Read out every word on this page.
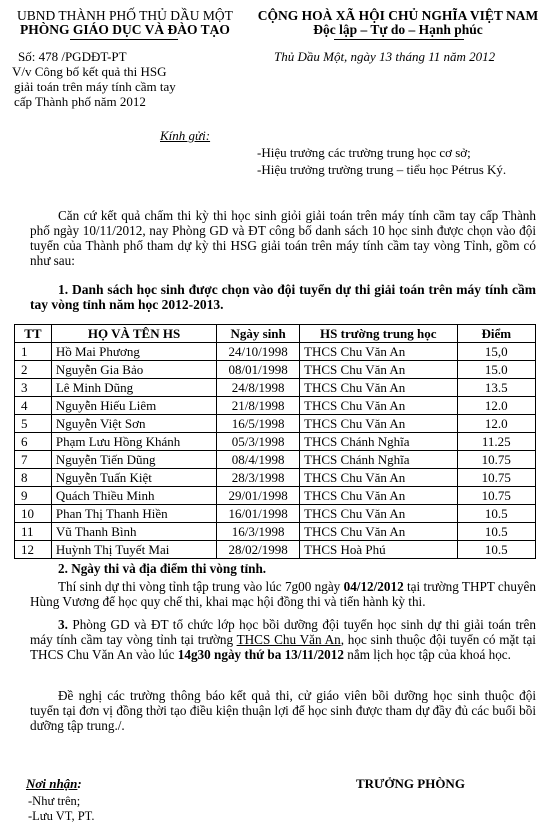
UBND THÀNH PHỐ THỦ DẦU MỘT
PHÒNG GIÁO DỤC VÀ ĐÀO TẠO
Số: 478 /PGDĐT-PT
V/v Công bố kết quả thi HSG
giải toán trên máy tính cầm tay
cấp Thành phố năm 2012
CỘNG HOÀ XÃ HỘI CHỦ NGHĨA VIỆT NAM
Độc lập – Tự do – Hạnh phúc
Thủ Dầu Một, ngày 13 tháng 11 năm 2012
Kính gửi:
-Hiệu trưởng các trường trung học cơ sở;
-Hiệu trưởng trường trung – tiểu học Pétrus Ký.

Căn cứ kết quả chấm thi kỳ thi học sinh giỏi giải toán trên máy tính cầm tay cấp Thành phố ngày 10/11/2012, nay Phòng GD và ĐT công bố danh sách 10 học sinh được chọn vào đội tuyển của Thành phố tham dự kỳ thi HSG giải toán trên máy tính cầm tay vòng Tỉnh, gồm có như sau:

1. Danh sách học sinh được chọn vào đội tuyển dự thi giải toán trên máy tính cầm tay vòng tỉnh năm học 2012-2013.

TT	HỌ VÀ TÊN HS	Ngày sinh	HS trường trung học	Điểm
1	Hồ Mai Phương	24/10/1998	THCS Chu Văn An	15,0
2	Nguyễn Gia Bảo	08/01/1998	THCS Chu Văn An	15.0
3	Lê Minh Dũng	24/8/1998	THCS Chu Văn An	13.5
4	Nguyễn Hiếu Liêm	21/8/1998	THCS Chu Văn An	12.0
5	Nguyễn Việt Sơn	16/5/1998	THCS Chu Văn An	12.0
6	Phạm Lưu Hồng Khánh	05/3/1998	THCS Chánh Nghĩa	11.25
7	Nguyễn Tiến Dũng	08/4/1998	THCS Chánh Nghĩa	10.75
8	Nguyễn Tuấn Kiệt	28/3/1998	THCS Chu Văn An	10.75
9	Quách Thiều Minh	29/01/1998	THCS Chu Văn An	10.75
10	Phan Thị Thanh Hiền	16/01/1998	THCS Chu Văn An	10.5
11	Vũ Thanh Bình	16/3/1998	THCS Chu Văn An	10.5
12	Huỳnh Thị Tuyết Mai	28/02/1998	THCS Hoà Phú	10.5

2. Ngày thi và địa điểm thi vòng tỉnh.

Thí sinh dự thi vòng tỉnh tập trung vào lúc 7g00 ngày 04/12/2012 tại trường THPT chuyên Hùng Vương để học quy chế thi, khai mạc hội đồng thi và tiến hành kỳ thi.

3. Phòng GD và ĐT tổ chức lớp học bồi dưỡng đội tuyển học sinh dự thi giải toán trên máy tính cầm tay vòng tỉnh tại trường THCS Chu Văn An, học sinh thuộc đội tuyển có mặt tại THCS Chu Văn An vào lúc 14g30 ngày thứ ba 13/11/2012 nắm lịch học tập của khoá học.

Đề nghị các trường thông báo kết quả thi, cử giáo viên bồi dưỡng học sinh thuộc đội tuyển tại đơn vị đồng thời tạo điều kiện thuận lợi để học sinh được tham dự đầy đủ các buổi bồi dưỡng tập trung./.

Nơi nhận:
-Như trên;
-Lưu VT, PT.
TRƯỞNG PHÒNG
